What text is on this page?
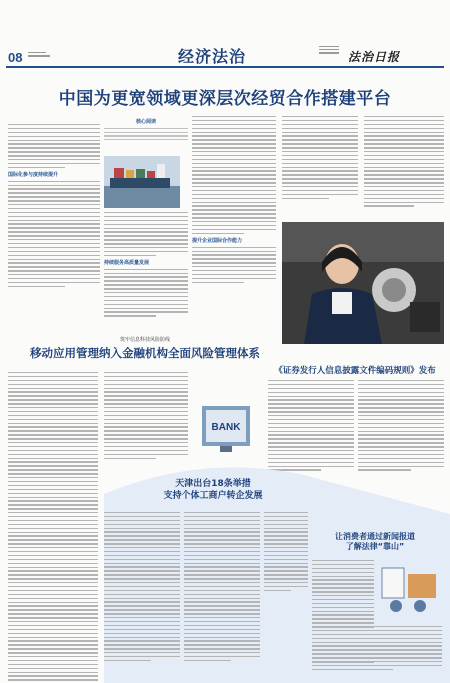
08	经济法治	法治日报
中国为更宽领域更深层次经贸合作搭建平台

国际化参与度持续提升
核心阅读
持续服务高质量发展
提升企业国际合作能力
筑牢信息科技风险防线
移动应用管理纳入金融机构全面风险管理体系
BANK
《证券发行人信息披露文件编码规则》发布
天津出台18条举措
支持个体工商户转企发展
让消费者通过新闻报道
了解法律“靠山”
